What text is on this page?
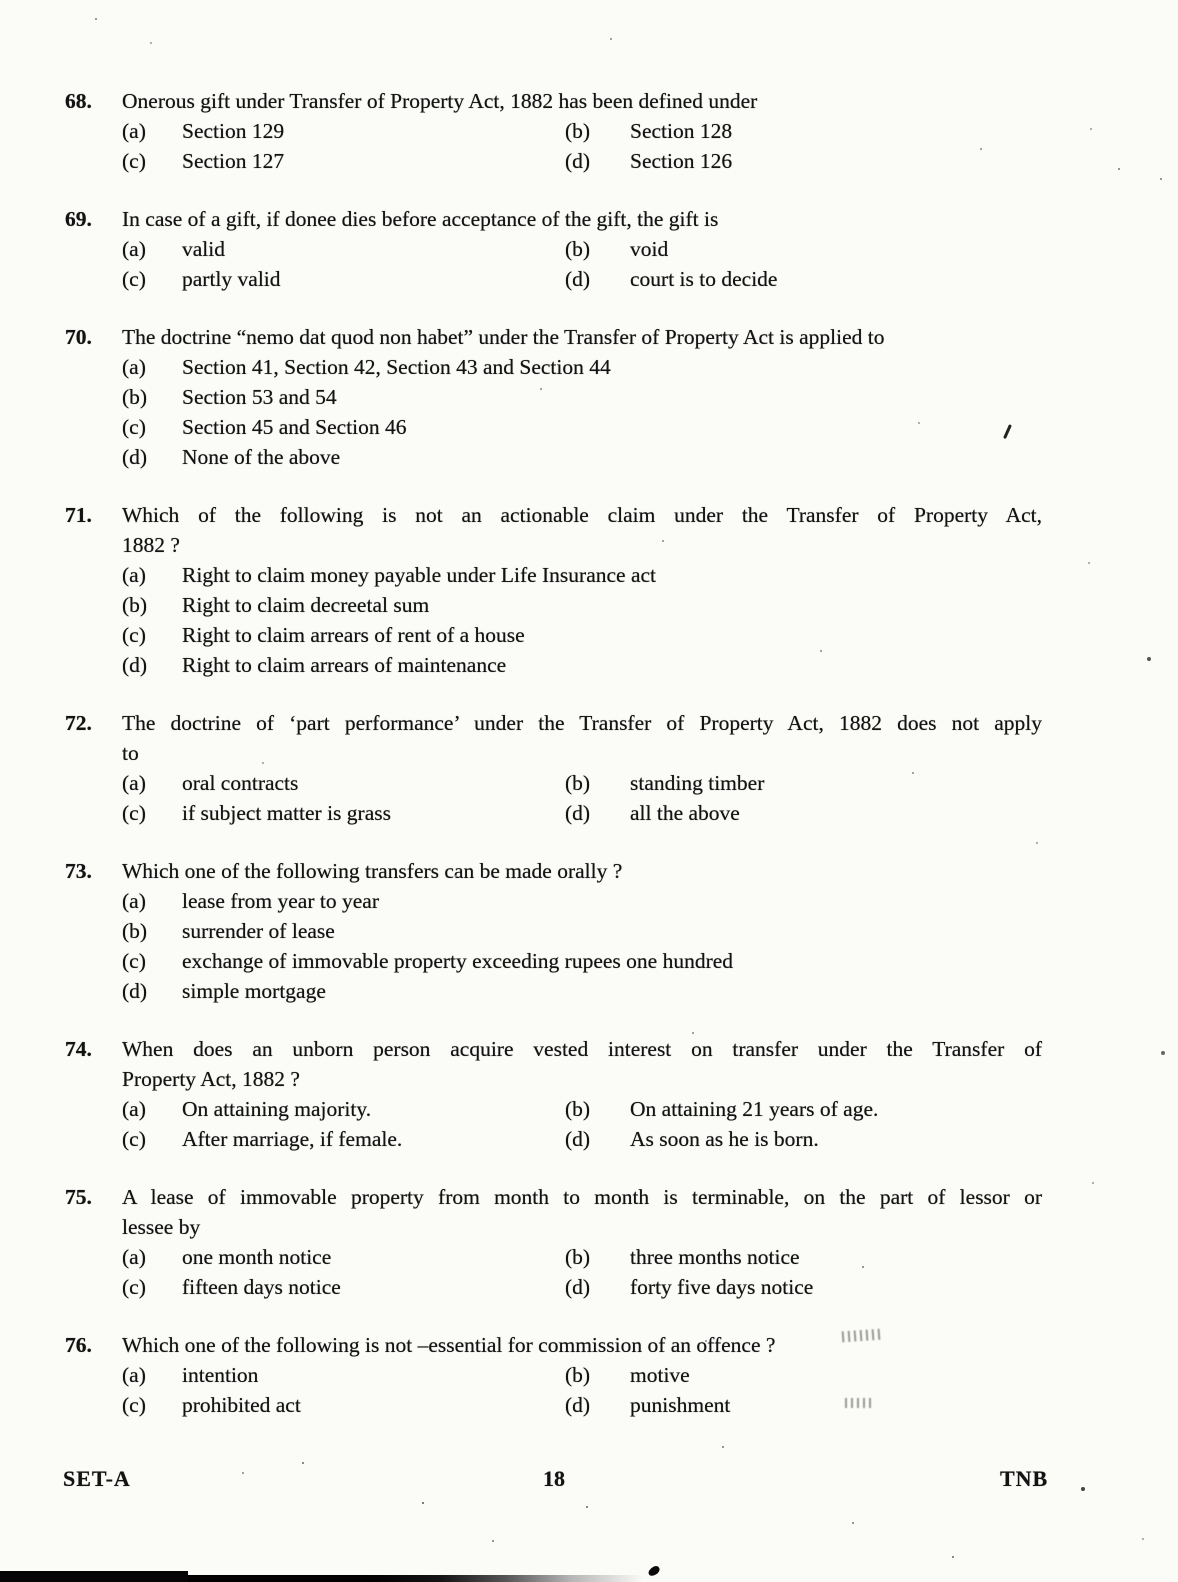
68.	Onerous gift under Transfer of Property Act, 1882 has been defined under
(a)	Section 129	(b)	Section 128
(c)	Section 127	(d)	Section 126
69.	In case of a gift, if donee dies before acceptance of the gift, the gift is
(a)	valid	(b)	void
(c)	partly valid	(d)	court is to decide
70.	The doctrine “nemo dat quod non habet” under the Transfer of Property Act is applied to
(a)	Section 41, Section 42, Section 43 and Section 44
(b)	Section 53 and 54
(c)	Section 45 and Section 46
(d)	None of the above
71.	Which of the following is not an actionable claim under the Transfer of Property Act,
1882 ?
(a)	Right to claim money payable under Life Insurance act
(b)	Right to claim decreetal sum
(c)	Right to claim arrears of rent of a house
(d)	Right to claim arrears of maintenance
72.	The doctrine of ‘part performance’ under the Transfer of Property Act, 1882 does not apply
to
(a)	oral contracts	(b)	standing timber
(c)	if subject matter is grass	(d)	all the above
73.	Which one of the following transfers can be made orally ?
(a)	lease from year to year
(b)	surrender of lease
(c)	exchange of immovable property exceeding rupees one hundred
(d)	simple mortgage
74.	When does an unborn person acquire vested interest on transfer under the Transfer of
Property Act, 1882 ?
(a)	On attaining majority.	(b)	On attaining 21 years of age.
(c)	After marriage, if female.	(d)	As soon as he is born.
75.	A lease of immovable property from month to month is terminable, on the part of lessor or
lessee by
(a)	one month notice	(b)	three months notice
(c)	fifteen days notice	(d)	forty five days notice
76.	Which one of the following is not –essential for commission of an offence ?
(a)	intention	(b)	motive
(c)	prohibited act	(d)	punishment
SET-A	18	TNB
